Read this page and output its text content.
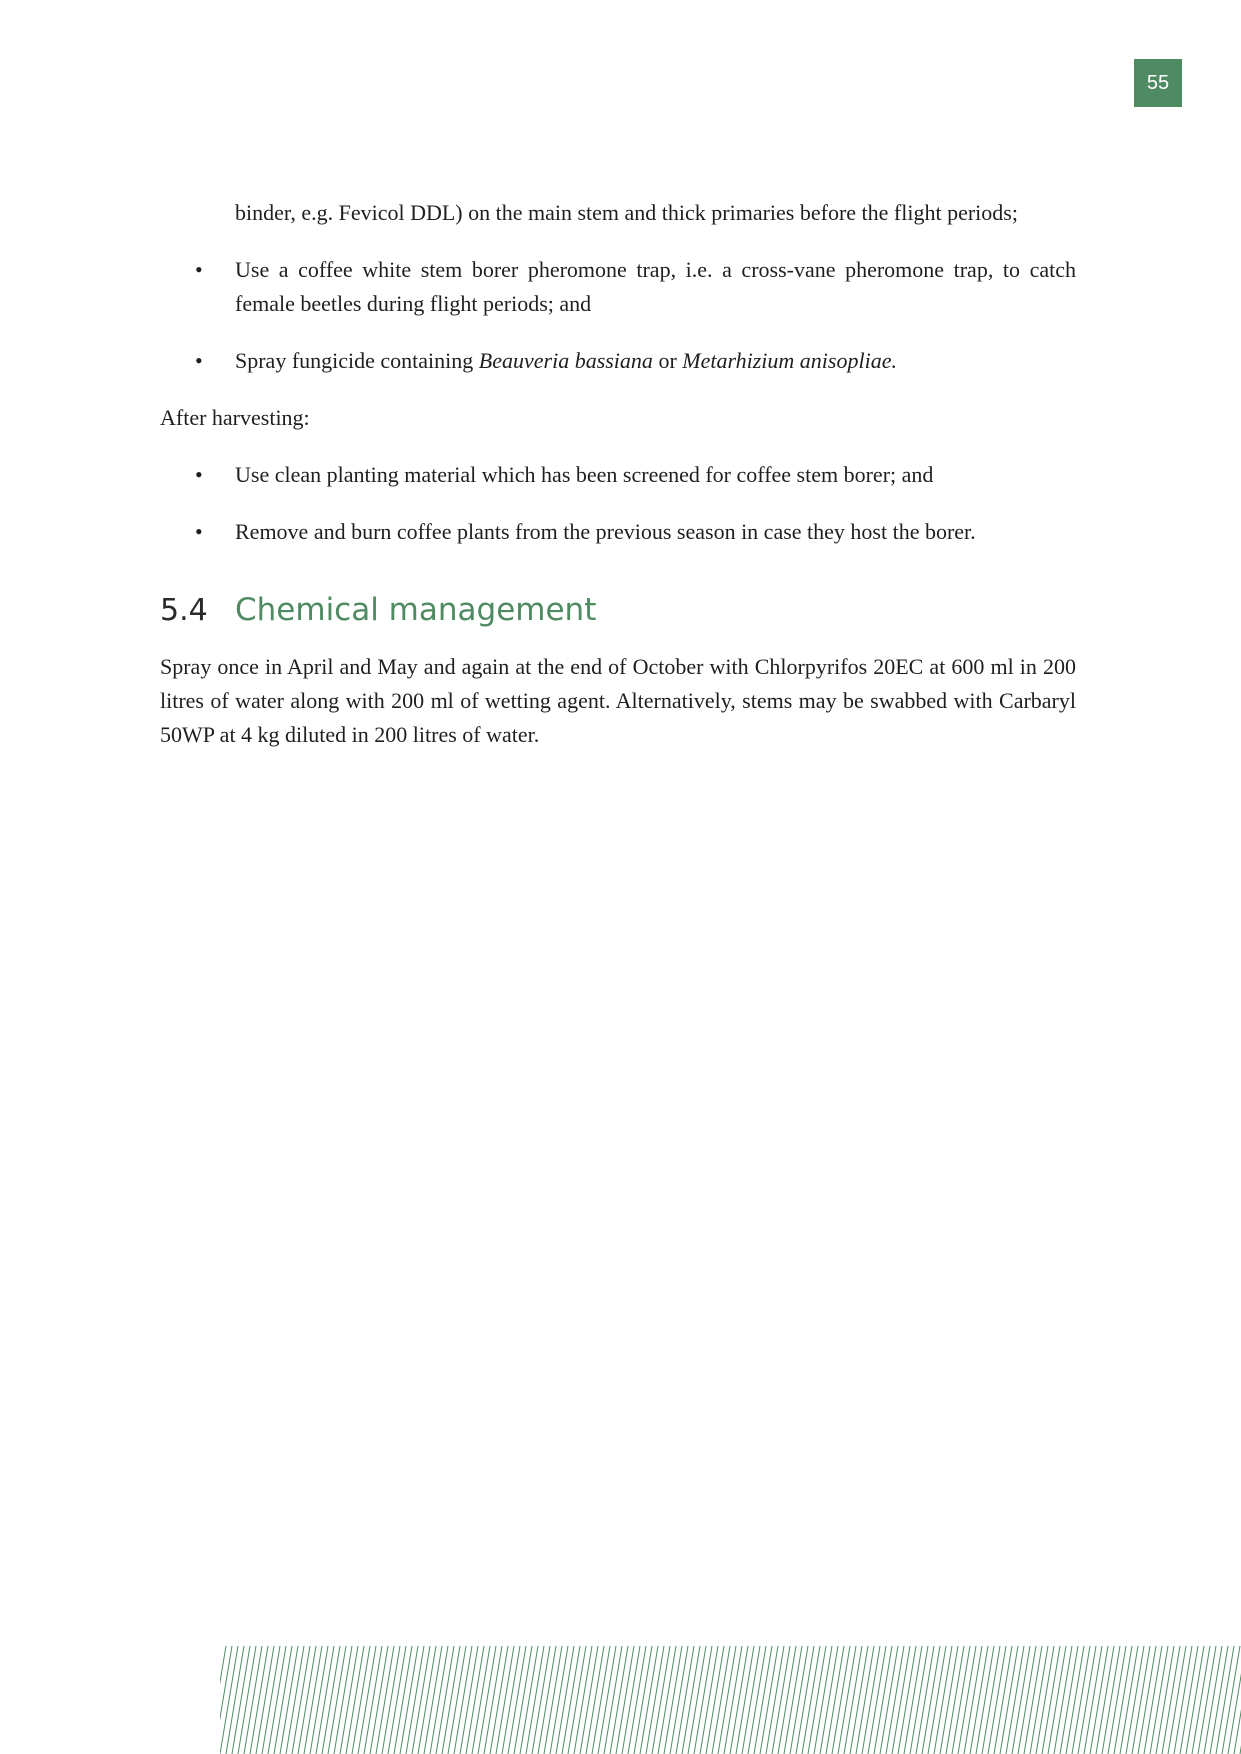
55

binder, e.g. Fevicol DDL) on the main stem and thick primaries before the flight periods;

• Use a coffee white stem borer pheromone trap, i.e. a cross-vane pheromone trap, to catch female beetles during flight periods; and
• Spray fungicide containing Beauveria bassiana or Metarhizium anisopliae.

After harvesting:

• Use clean planting material which has been screened for coffee stem borer; and
• Remove and burn coffee plants from the previous season in case they host the borer.
5.4 Chemical management

Spray once in April and May and again at the end of October with Chlorpyrifos 20EC at 600 ml in 200 litres of water along with 200 ml of wetting agent. Alternatively, stems may be swabbed with Carbaryl 50WP at 4 kg diluted in 200 litres of water.
